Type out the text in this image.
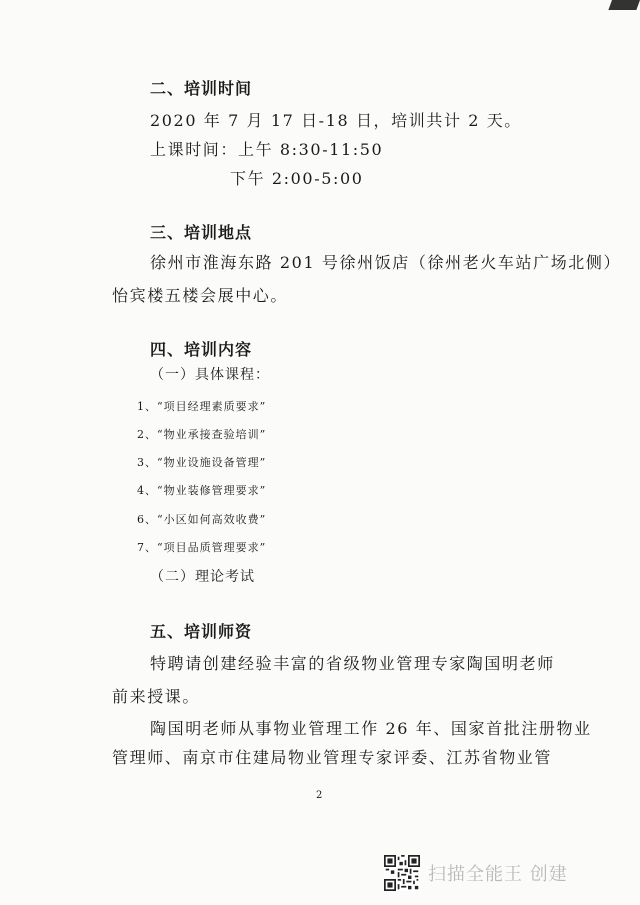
二、培训时间
2020 年 7 月 17 日-18 日，培训共计 2 天。
上课时间：上午 8:30-11:50
下午 2:00-5:00
三、培训地点
徐州市淮海东路 201 号徐州饭店（徐州老火车站广场北侧）
怡宾楼五楼会展中心。
四、培训内容
（一）具体课程：
1、“项目经理素质要求”
2、“物业承接查验培训”
3、“物业设施设备管理”
4、“物业装修管理要求”
6、“小区如何高效收费”
7、“项目品质管理要求”
（二）理论考试
五、培训师资
特聘请创建经验丰富的省级物业管理专家陶国明老师
前来授课。
陶国明老师从事物业管理工作 26 年、国家首批注册物业
管理师、南京市住建局物业管理专家评委、江苏省物业管
2
扫描全能王 创建
